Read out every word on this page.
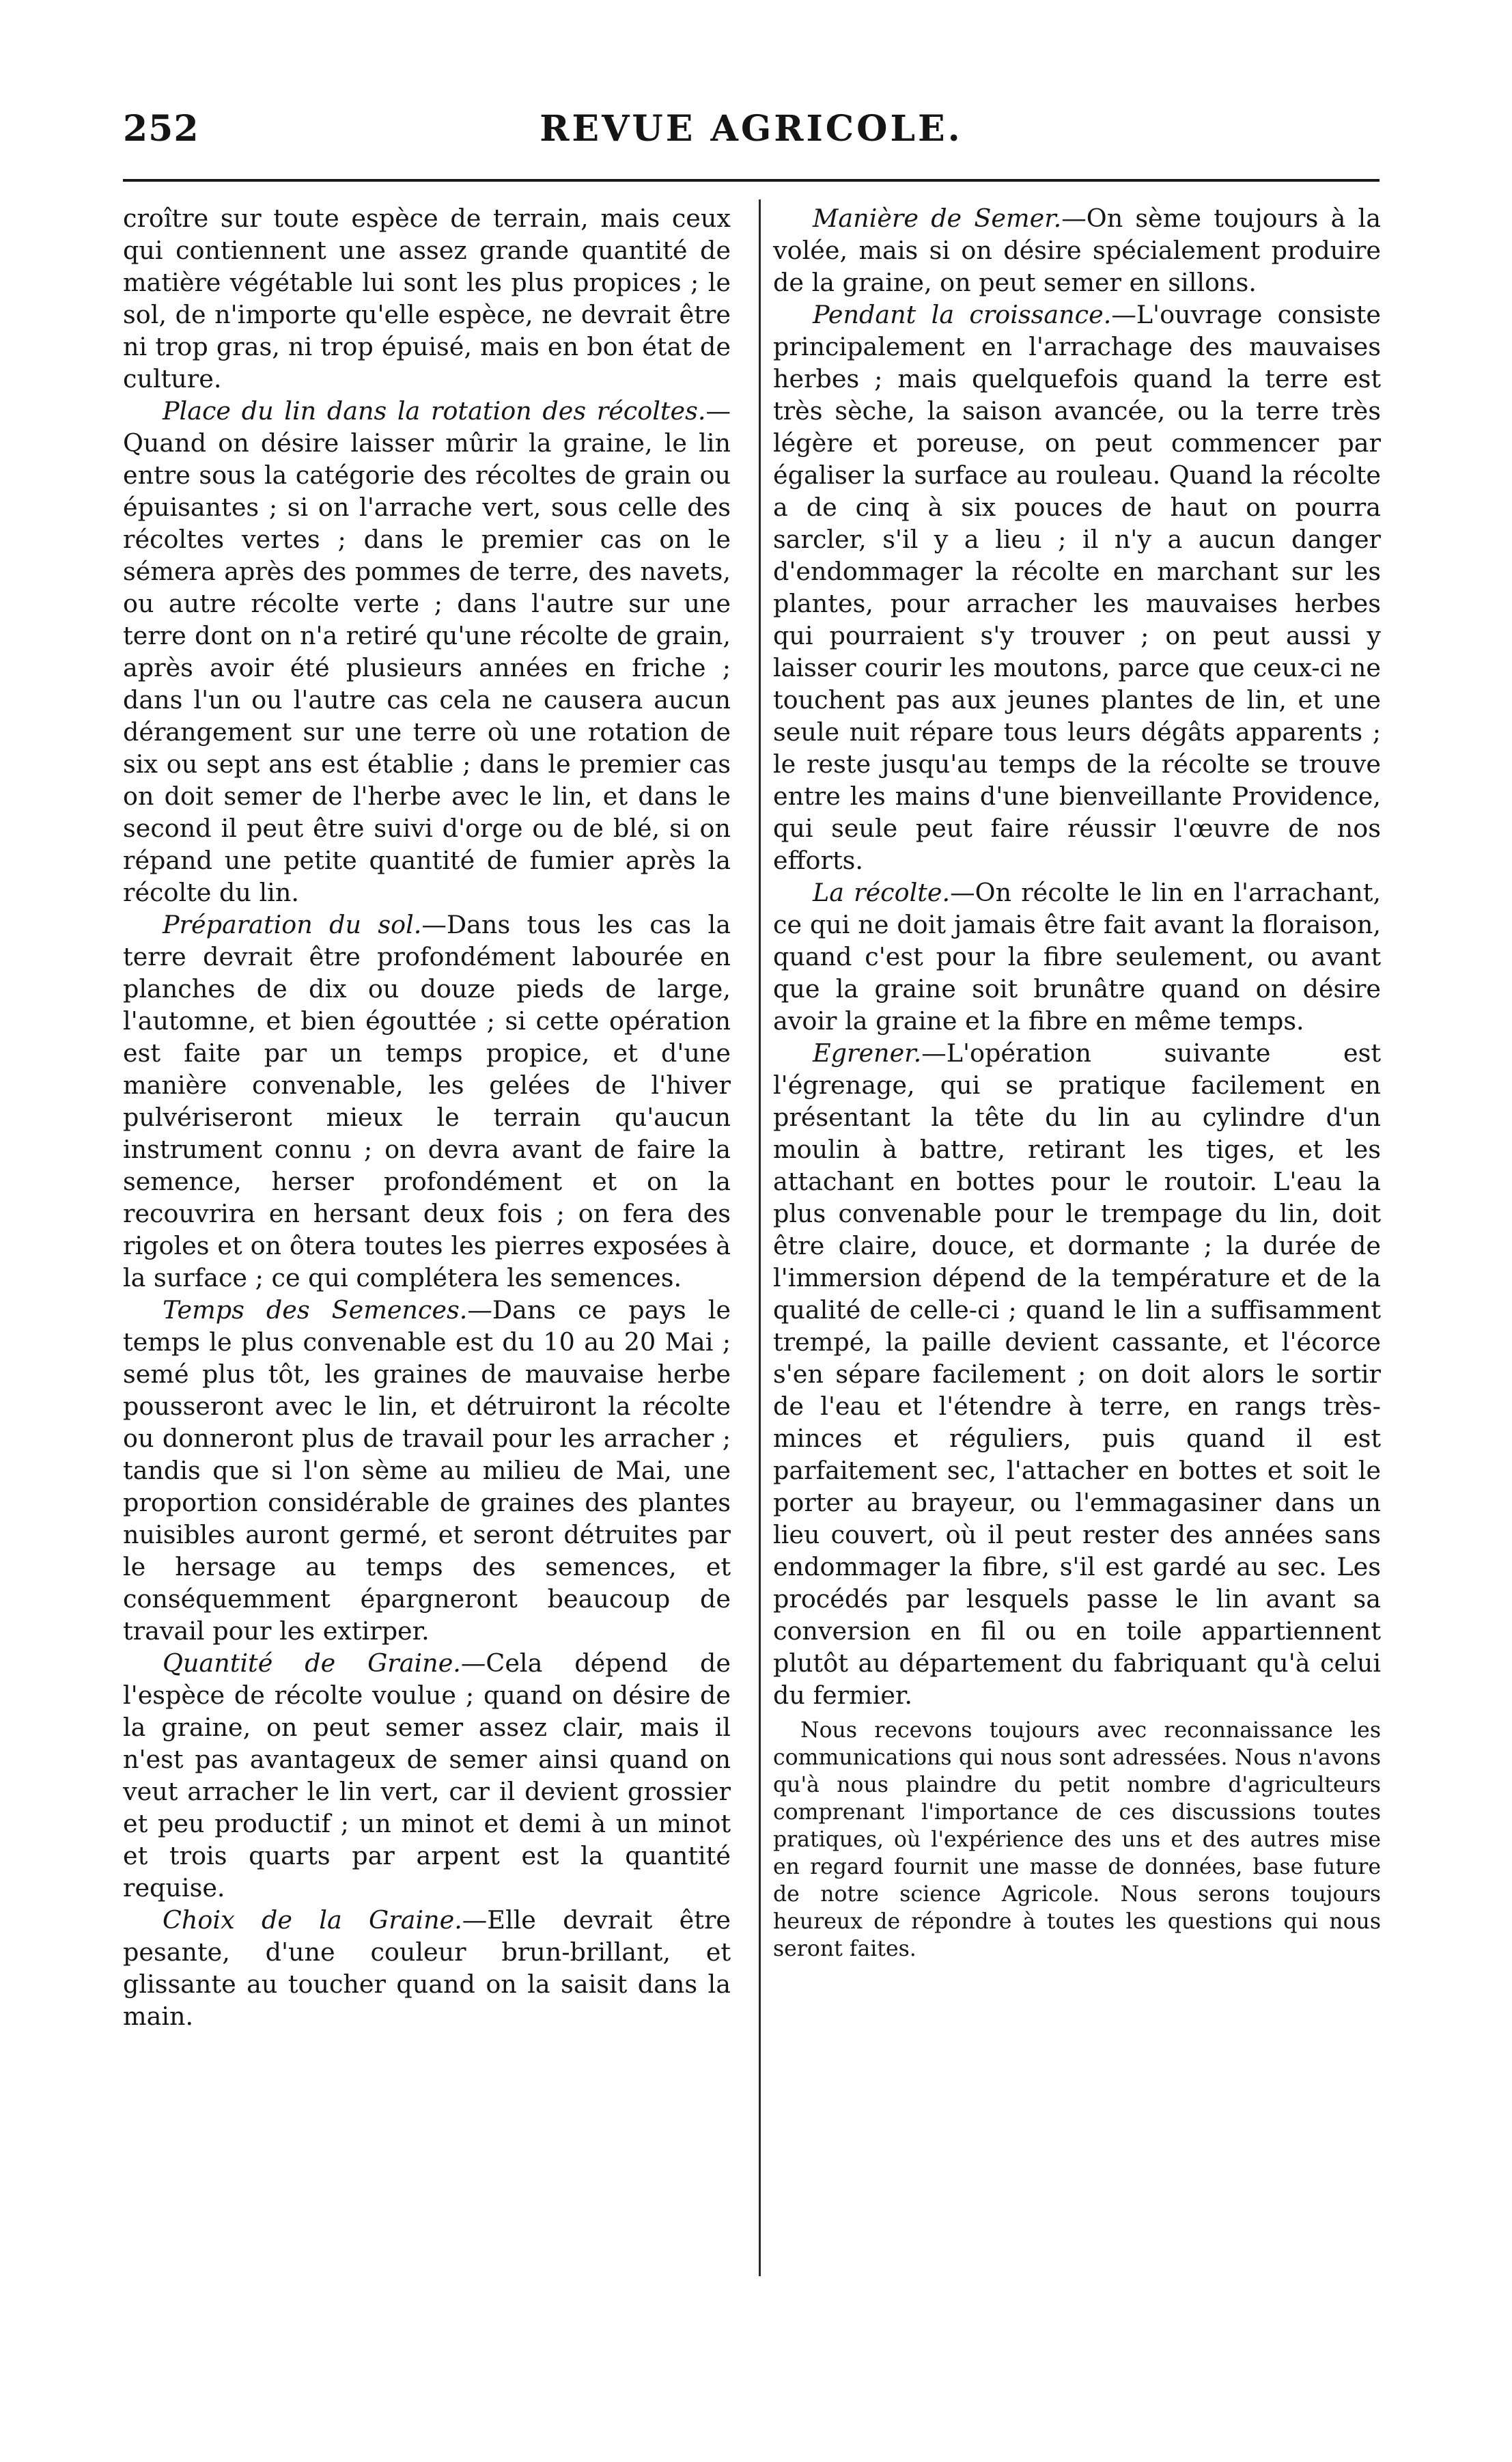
252	REVUE AGRICOLE.

croître sur toute espèce de terrain, mais ceux qui contiennent une assez grande quantité de matière végétable lui sont les plus propices ; le sol, de n'importe qu'elle espèce, ne devrait être ni trop gras, ni trop épuisé, mais en bon état de culture.

Place du lin dans la rotation des récoltes.—Quand on désire laisser mûrir la graine, le lin entre sous la catégorie des récoltes de grain ou épuisantes ; si on l'arrache vert, sous celle des récoltes vertes ; dans le premier cas on le sémera après des pommes de terre, des navets, ou autre récolte verte ; dans l'autre sur une terre dont on n'a retiré qu'une récolte de grain, après avoir été plusieurs années en friche ; dans l'un ou l'autre cas cela ne causera aucun dérangement sur une terre où une rotation de six ou sept ans est établie ; dans le premier cas on doit semer de l'herbe avec le lin, et dans le second il peut être suivi d'orge ou de blé, si on répand une petite quantité de fumier après la récolte du lin.

Préparation du sol.—Dans tous les cas la terre devrait être profondément labourée en planches de dix ou douze pieds de large, l'automne, et bien égouttée ; si cette opération est faite par un temps propice, et d'une manière convenable, les gelées de l'hiver pulvériseront mieux le terrain qu'aucun instrument connu ; on devra avant de faire la semence, herser profondément et on la recouvrira en hersant deux fois ; on fera des rigoles et on ôtera toutes les pierres exposées à la surface ; ce qui complétera les semences.

Temps des Semences.—Dans ce pays le temps le plus convenable est du 10 au 20 Mai ; semé plus tôt, les graines de mauvaise herbe pousseront avec le lin, et détruiront la récolte ou donneront plus de travail pour les arracher ; tandis que si l'on sème au milieu de Mai, une proportion considérable de graines des plantes nuisibles auront germé, et seront détruites par le hersage au temps des semences, et conséquemment épargneront beaucoup de travail pour les extirper.

Quantité de Graine.—Cela dépend de l'espèce de récolte voulue ; quand on désire de la graine, on peut semer assez clair, mais il n'est pas avantageux de semer ainsi quand on veut arracher le lin vert, car il devient grossier et peu productif ; un minot et demi à un minot et trois quarts par arpent est la quantité requise.

Choix de la Graine.—Elle devrait être pesante, d'une couleur brun-brillant, et glissante au toucher quand on la saisit dans la main.

Manière de Semer.—On sème toujours à la volée, mais si on désire spécialement produire de la graine, on peut semer en sillons.

Pendant la croissance.—L'ouvrage consiste principalement en l'arrachage des mauvaises herbes ; mais quelquefois quand la terre est très sèche, la saison avancée, ou la terre très légère et poreuse, on peut commencer par égaliser la surface au rouleau. Quand la récolte a de cinq à six pouces de haut on pourra sarcler, s'il y a lieu ; il n'y a aucun danger d'endommager la récolte en marchant sur les plantes, pour arracher les mauvaises herbes qui pourraient s'y trouver ; on peut aussi y laisser courir les moutons, parce que ceux-ci ne touchent pas aux jeunes plantes de lin, et une seule nuit répare tous leurs dégâts apparents ; le reste jusqu'au temps de la récolte se trouve entre les mains d'une bienveillante Providence, qui seule peut faire réussir l'œuvre de nos efforts.

La récolte.—On récolte le lin en l'arrachant, ce qui ne doit jamais être fait avant la floraison, quand c'est pour la fibre seulement, ou avant que la graine soit brunâtre quand on désire avoir la graine et la fibre en même temps.

Egrener.—L'opération suivante est l'égrenage, qui se pratique facilement en présentant la tête du lin au cylindre d'un moulin à battre, retirant les tiges, et les attachant en bottes pour le routoir. L'eau la plus convenable pour le trempage du lin, doit être claire, douce, et dormante ; la durée de l'immersion dépend de la température et de la qualité de celle-ci ; quand le lin a suffisamment trempé, la paille devient cassante, et l'écorce s'en sépare facilement ; on doit alors le sortir de l'eau et l'étendre à terre, en rangs très-minces et réguliers, puis quand il est parfaitement sec, l'attacher en bottes et soit le porter au brayeur, ou l'emmagasiner dans un lieu couvert, où il peut rester des années sans endommager la fibre, s'il est gardé au sec. Les procédés par lesquels passe le lin avant sa conversion en fil ou en toile appartiennent plutôt au département du fabriquant qu'à celui du fermier.

Nous recevons toujours avec reconnaissance les communications qui nous sont adressées. Nous n'avons qu'à nous plaindre du petit nombre d'agriculteurs comprenant l'importance de ces discussions toutes pratiques, où l'expérience des uns et des autres mise en regard fournit une masse de données, base future de notre science Agricole. Nous serons toujours heureux de répondre à toutes les questions qui nous seront faites.
